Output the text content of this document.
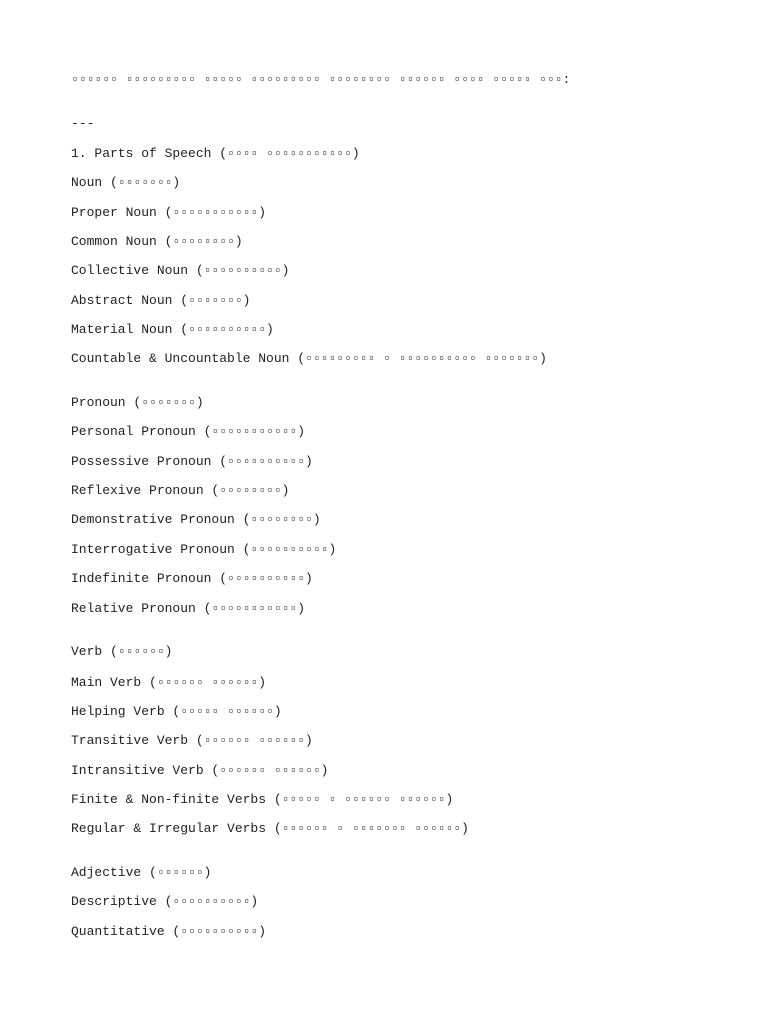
▫▫▫▫▫▫ ▫▫▫▫▫▫▫▫▫ ▫▫▫▫▫ ▫▫▫▫▫▫▫▫▫ ▫▫▫▫▫▫▫▫ ▫▫▫▫▫▫ ▫▫▫▫ ▫▫▫▫▫ ▫▫▫:
---
1. Parts of Speech (▫▫▫▫ ▫▫▫▫▫▫▫▫▫▫▫)
Noun (▫▫▫▫▫▫▫)
Proper Noun (▫▫▫▫▫▫▫▫▫▫▫)
Common Noun (▫▫▫▫▫▫▫▫)
Collective Noun (▫▫▫▫▫▫▫▫▫▫)
Abstract Noun (▫▫▫▫▫▫▫)
Material Noun (▫▫▫▫▫▫▫▫▫▫)
Countable & Uncountable Noun (▫▫▫▫▫▫▫▫▫ ▫ ▫▫▫▫▫▫▫▫▫▫ ▫▫▫▫▫▫▫)
Pronoun (▫▫▫▫▫▫▫)
Personal Pronoun (▫▫▫▫▫▫▫▫▫▫▫)
Possessive Pronoun (▫▫▫▫▫▫▫▫▫▫)
Reflexive Pronoun (▫▫▫▫▫▫▫▫)
Demonstrative Pronoun (▫▫▫▫▫▫▫▫)
Interrogative Pronoun (▫▫▫▫▫▫▫▫▫▫)
Indefinite Pronoun (▫▫▫▫▫▫▫▫▫▫)
Relative Pronoun (▫▫▫▫▫▫▫▫▫▫▫)
Verb (▫▫▫▫▫▫)
Main Verb (▫▫▫▫▫▫ ▫▫▫▫▫▫)
Helping Verb (▫▫▫▫▫ ▫▫▫▫▫▫)
Transitive Verb (▫▫▫▫▫▫ ▫▫▫▫▫▫)
Intransitive Verb (▫▫▫▫▫▫ ▫▫▫▫▫▫)
Finite & Non-finite Verbs (▫▫▫▫▫ ▫ ▫▫▫▫▫▫ ▫▫▫▫▫▫)
Regular & Irregular Verbs (▫▫▫▫▫▫ ▫ ▫▫▫▫▫▫▫ ▫▫▫▫▫▫)
Adjective (▫▫▫▫▫▫)
Descriptive (▫▫▫▫▫▫▫▫▫▫)
Quantitative (▫▫▫▫▫▫▫▫▫▫)
